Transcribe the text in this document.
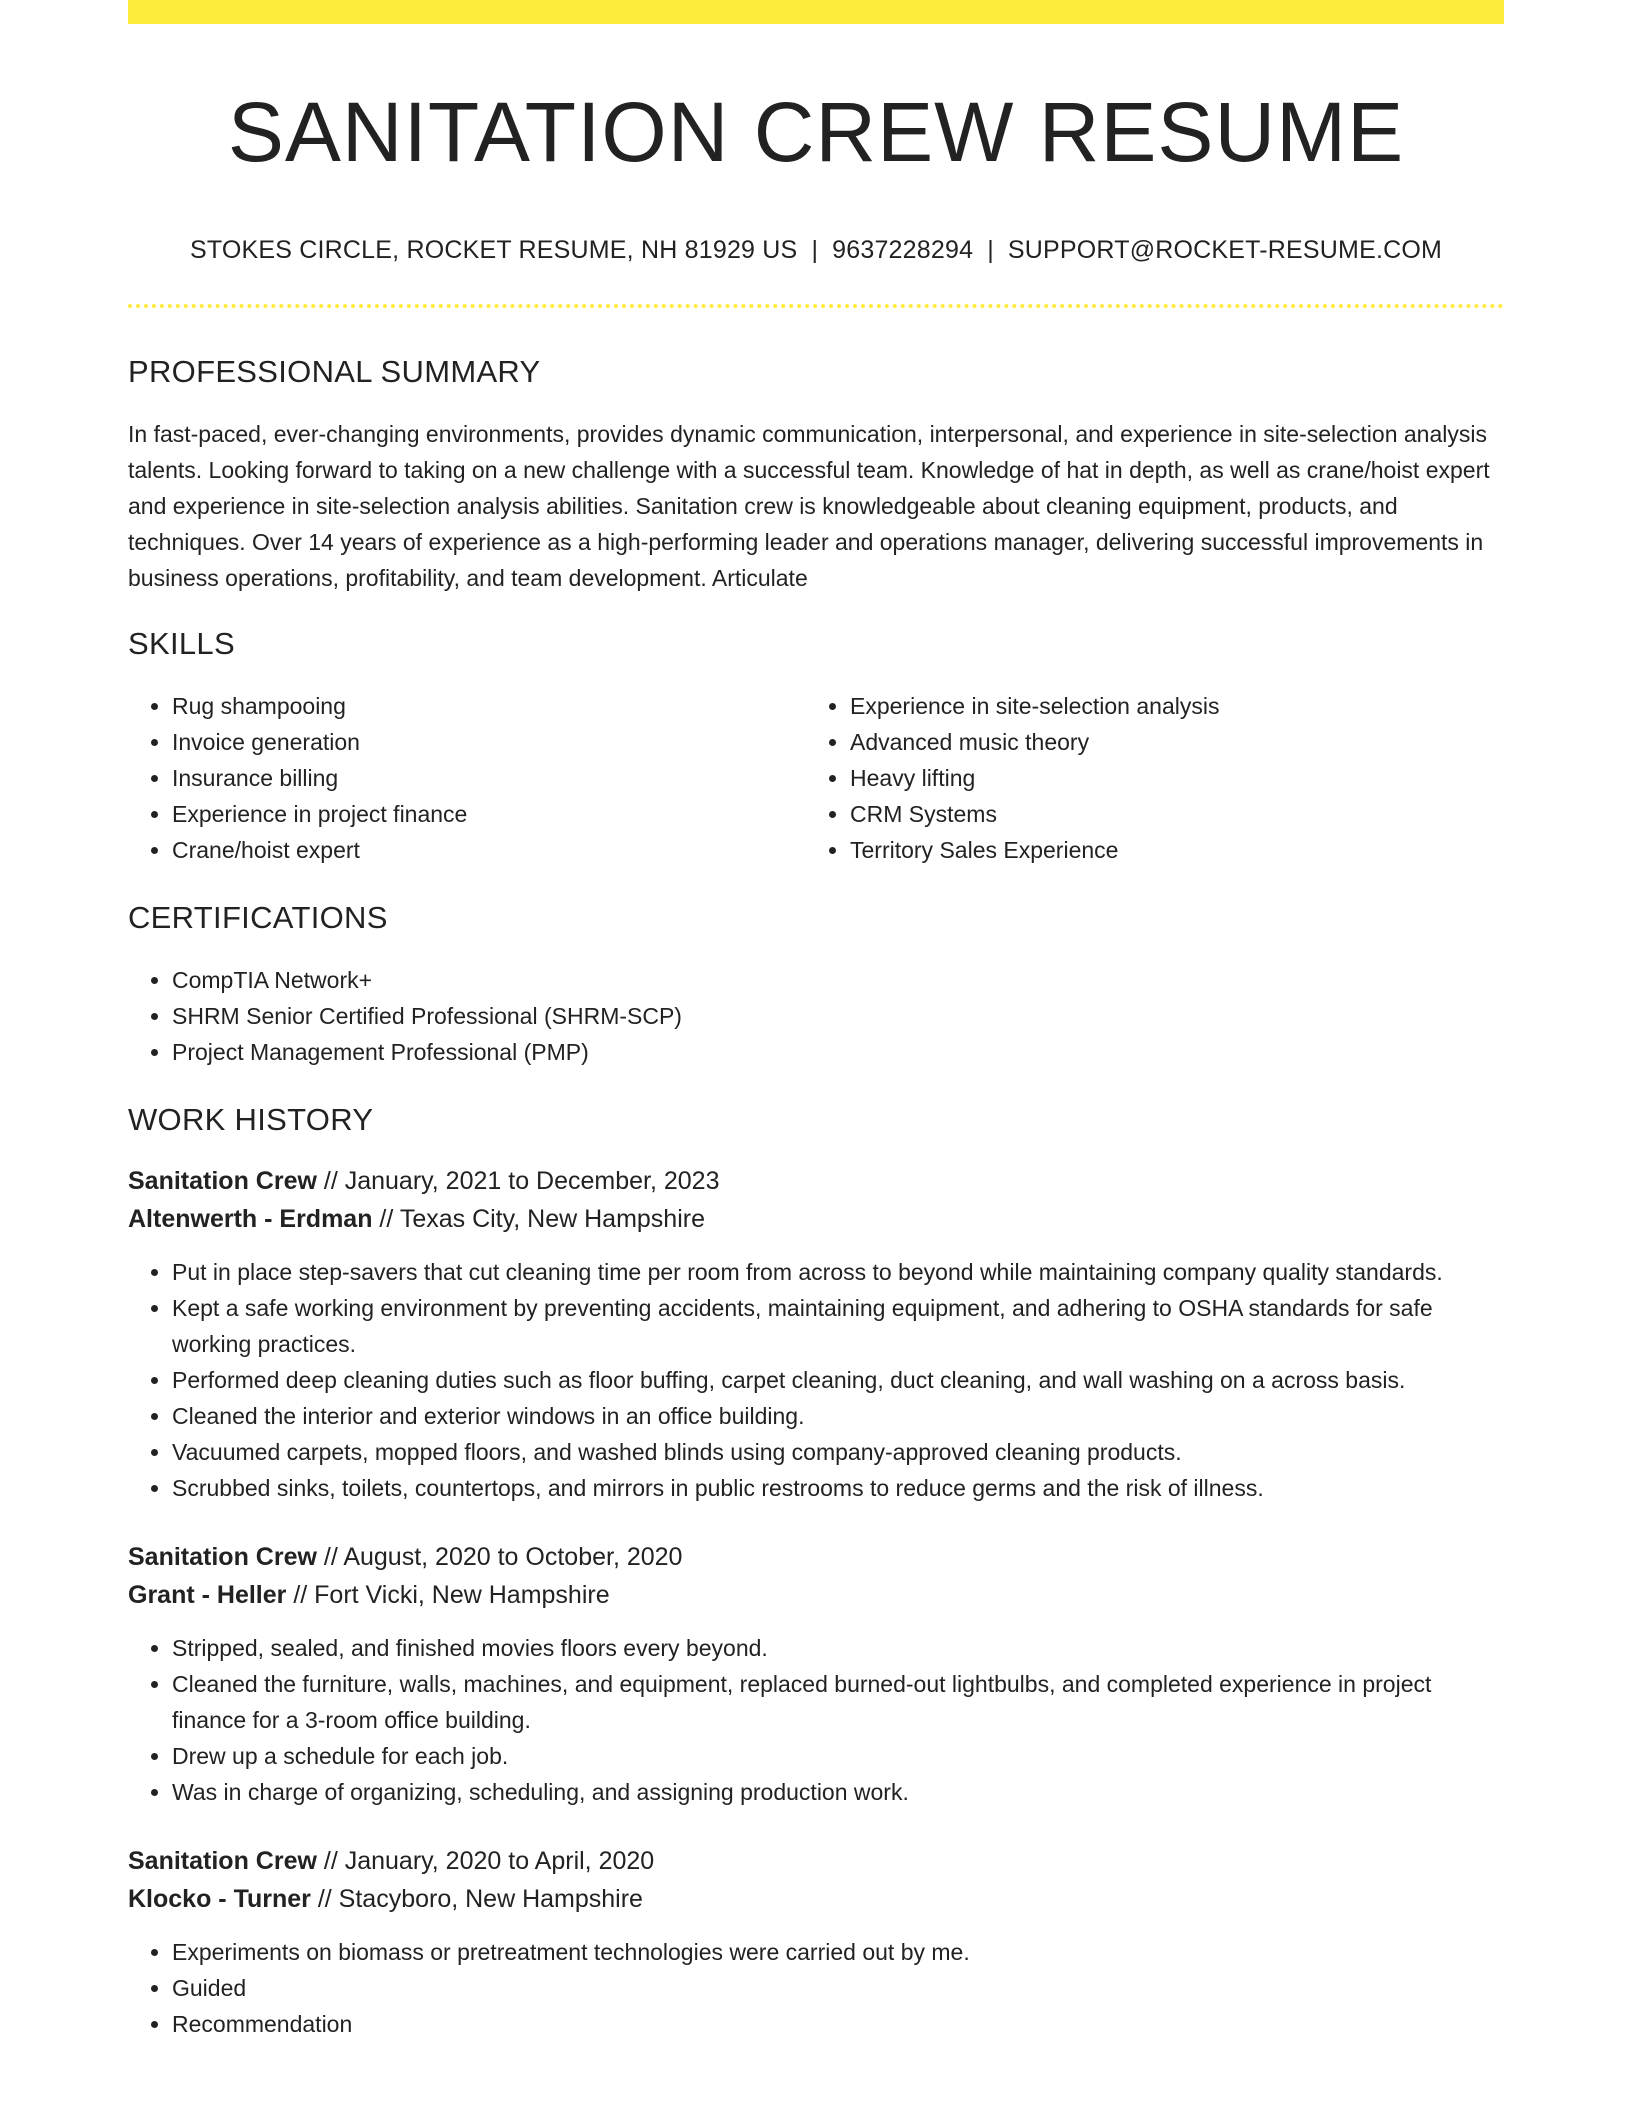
SANITATION CREW RESUME
STOKES CIRCLE, ROCKET RESUME, NH 81929 US | 9637228294 | SUPPORT@ROCKET-RESUME.COM
PROFESSIONAL SUMMARY
In fast-paced, ever-changing environments, provides dynamic communication, interpersonal, and experience in site-selection analysis talents. Looking forward to taking on a new challenge with a successful team. Knowledge of hat in depth, as well as crane/hoist expert and experience in site-selection analysis abilities. Sanitation crew is knowledgeable about cleaning equipment, products, and techniques. Over 14 years of experience as a high-performing leader and operations manager, delivering successful improvements in business operations, profitability, and team development. Articulate
SKILLS
• Rug shampooing
• Invoice generation
• Insurance billing
• Experience in project finance
• Crane/hoist expert
• Experience in site-selection analysis
• Advanced music theory
• Heavy lifting
• CRM Systems
• Territory Sales Experience
CERTIFICATIONS
• CompTIA Network+
• SHRM Senior Certified Professional (SHRM-SCP)
• Project Management Professional (PMP)
WORK HISTORY
Sanitation Crew // January, 2021 to December, 2023
Altenwerth - Erdman // Texas City, New Hampshire
• Put in place step-savers that cut cleaning time per room from across to beyond while maintaining company quality standards.
• Kept a safe working environment by preventing accidents, maintaining equipment, and adhering to OSHA standards for safe working practices.
• Performed deep cleaning duties such as floor buffing, carpet cleaning, duct cleaning, and wall washing on a across basis.
• Cleaned the interior and exterior windows in an office building.
• Vacuumed carpets, mopped floors, and washed blinds using company-approved cleaning products.
• Scrubbed sinks, toilets, countertops, and mirrors in public restrooms to reduce germs and the risk of illness.
Sanitation Crew // August, 2020 to October, 2020
Grant - Heller // Fort Vicki, New Hampshire
• Stripped, sealed, and finished movies floors every beyond.
• Cleaned the furniture, walls, machines, and equipment, replaced burned-out lightbulbs, and completed experience in project finance for a 3-room office building.
• Drew up a schedule for each job.
• Was in charge of organizing, scheduling, and assigning production work.
Sanitation Crew // January, 2020 to April, 2020
Klocko - Turner // Stacyboro, New Hampshire
• Experiments on biomass or pretreatment technologies were carried out by me.
• Guided
• Recommendation
